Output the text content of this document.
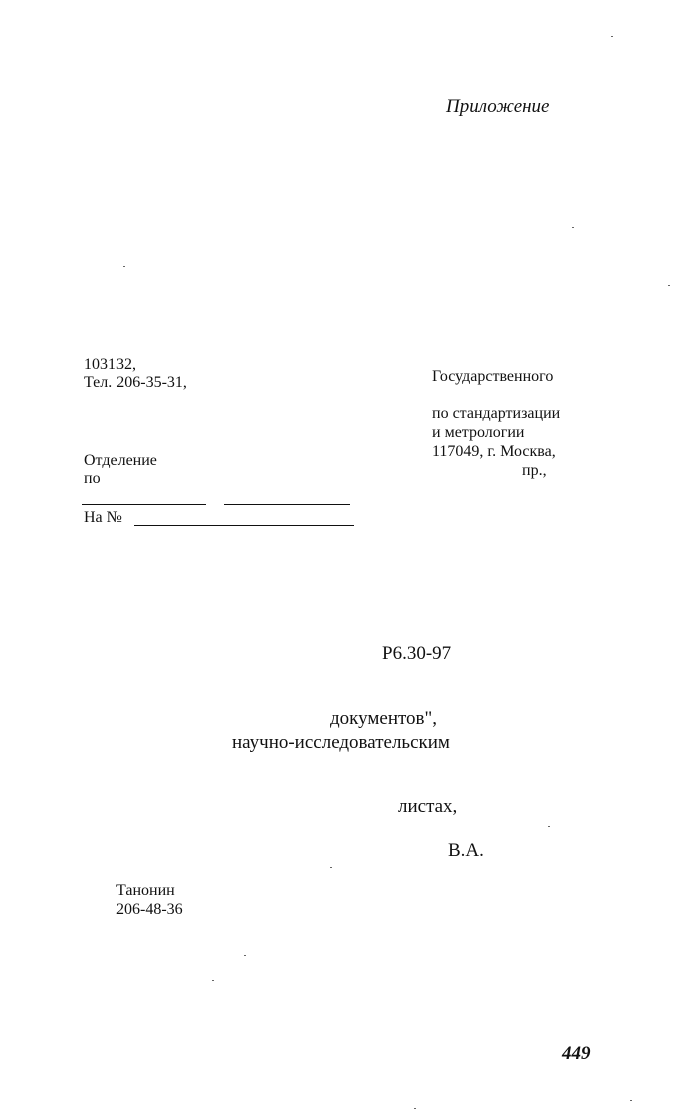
Приложение
103132,
Тел. 206-35-31,
Отделение
по
На №
Государственного
по стандартизации
и метрологии
117049, г. Москва,
пр.,
Р6.30-97
документов",
научно-исследовательским
листах,
В.А.
Танонин
206-48-36
449
